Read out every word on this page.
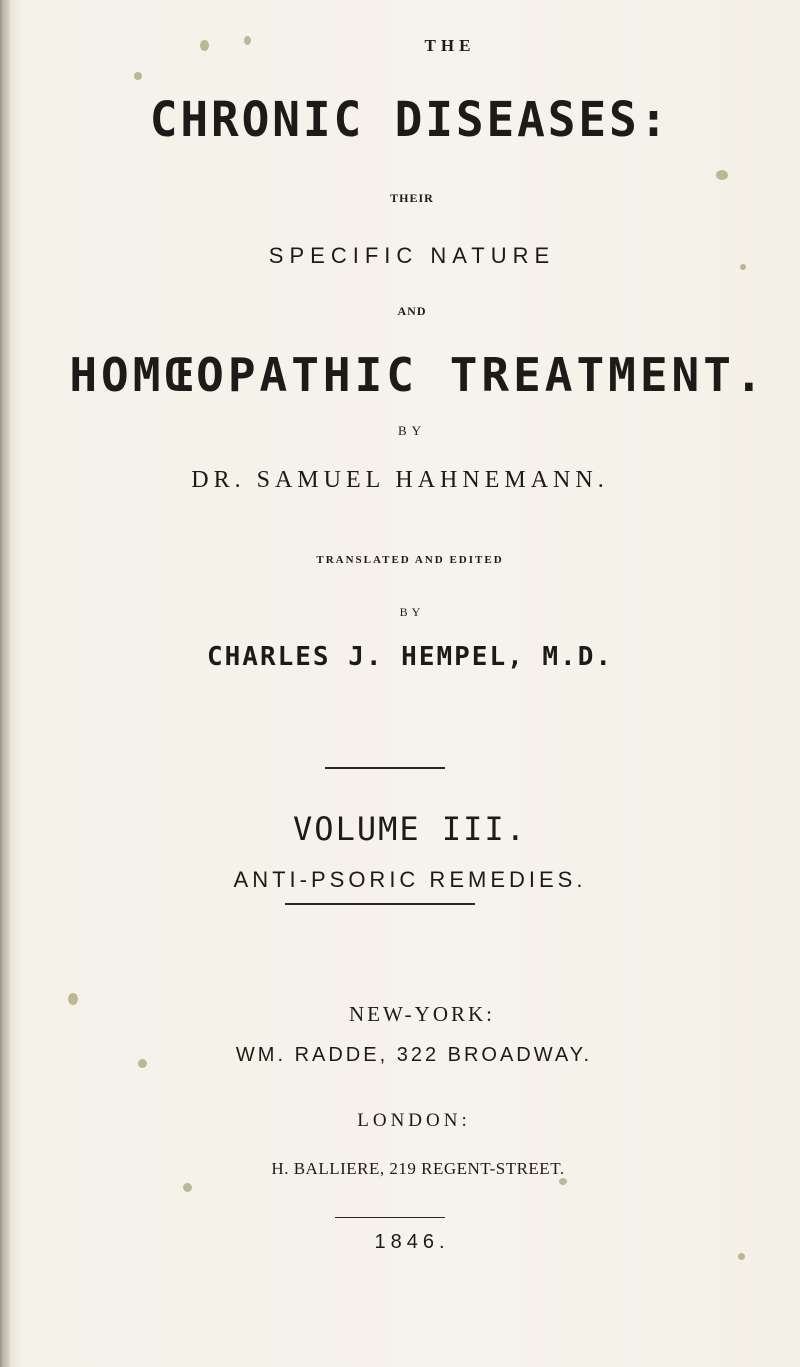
THE

CHRONIC DISEASES:

THEIR

SPECIFIC NATURE

AND

HOMŒOPATHIC TREATMENT.

BY

DR. SAMUEL HAHNEMANN.

TRANSLATED AND EDITED

BY

CHARLES J. HEMPEL, M.D.

VOLUME III.

ANTI-PSORIC REMEDIES.

NEW-YORK:

WM. RADDE, 322 BROADWAY.

LONDON:

H. BALLIERE, 219 REGENT-STREET.

1846.
